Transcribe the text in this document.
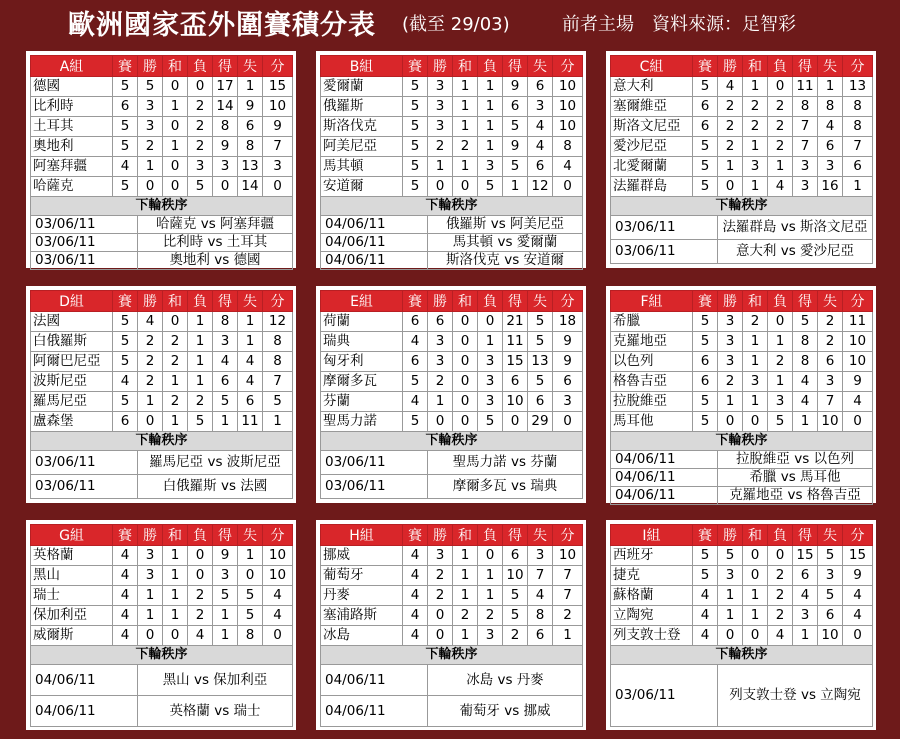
歐洲國家盃外圍賽積分表 (截至 29/03)	前者主場 資料來源：足智彩
A組	賽	勝	和	負	得	失	分
德國	5	5	0	0	17	1	15
比利時	6	3	1	2	14	9	10
土耳其	5	3	0	2	8	6	9
奧地利	5	2	1	2	9	8	7
阿塞拜疆	4	1	0	3	3	13	3
哈薩克	5	0	0	5	0	14	0
下輪秩序							
03/06/11		哈薩克 vs 阿塞拜疆					
03/06/11		比利時 vs 土耳其					
03/06/11		奧地利 vs 德國					
B組	賽	勝	和	負	得	失	分
愛爾蘭	5	3	1	1	9	6	10
俄羅斯	5	3	1	1	6	3	10
斯洛伐克	5	3	1	1	5	4	10
阿美尼亞	5	2	2	1	9	4	8
馬其頓	5	1	1	3	5	6	4
安道爾	5	0	0	5	1	12	0
下輪秩序							
04/06/11		俄羅斯 vs 阿美尼亞					
04/06/11		馬其頓 vs 愛爾蘭					
04/06/11		斯洛伐克 vs 安道爾					
C組	賽	勝	和	負	得	失	分
意大利	5	4	1	0	11	1	13
塞爾維亞	6	2	2	2	8	8	8
斯洛文尼亞	6	2	2	2	7	4	8
愛沙尼亞	5	2	1	2	7	6	7
北愛爾蘭	5	1	3	1	3	3	6
法羅群島	5	0	1	4	3	16	1
下輪秩序							
03/06/11		法羅群島 vs 斯洛文尼亞					
03/06/11		意大利 vs 愛沙尼亞					
D組	賽	勝	和	負	得	失	分
法國	5	4	0	1	8	1	12
白俄羅斯	5	2	2	1	3	1	8
阿爾巴尼亞	5	2	2	1	4	4	8
波斯尼亞	4	2	1	1	6	4	7
羅馬尼亞	5	1	2	2	5	6	5
盧森堡	6	0	1	5	1	11	1
下輪秩序							
03/06/11		羅馬尼亞 vs 波斯尼亞					
03/06/11		白俄羅斯 vs 法國					
E組	賽	勝	和	負	得	失	分
荷蘭	6	6	0	0	21	5	18
瑞典	4	3	0	1	11	5	9
匈牙利	6	3	0	3	15	13	9
摩爾多瓦	5	2	0	3	6	5	6
芬蘭	4	1	0	3	10	6	3
聖馬力諾	5	0	0	5	0	29	0
下輪秩序							
03/06/11		聖馬力諾 vs 芬蘭					
03/06/11		摩爾多瓦 vs 瑞典					
F組	賽	勝	和	負	得	失	分
希臘	5	3	2	0	5	2	11
克羅地亞	5	3	1	1	8	2	10
以色列	6	3	1	2	8	6	10
格魯吉亞	6	2	3	1	4	3	9
拉脫維亞	5	1	1	3	4	7	4
馬耳他	5	0	0	5	1	10	0
下輪秩序							
04/06/11		拉脫維亞 vs 以色列					
04/06/11		希臘 vs 馬耳他					
04/06/11		克羅地亞 vs 格魯吉亞					
G組	賽	勝	和	負	得	失	分
英格蘭	4	3	1	0	9	1	10
黑山	4	3	1	0	3	0	10
瑞士	4	1	1	2	5	5	4
保加利亞	4	1	1	2	1	5	4
威爾斯	4	0	0	4	1	8	0
下輪秩序							
04/06/11		黑山 vs 保加利亞					
04/06/11		英格蘭 vs 瑞士					
H組	賽	勝	和	負	得	失	分
挪威	4	3	1	0	6	3	10
葡萄牙	4	2	1	1	10	7	7
丹麥	4	2	1	1	5	4	7
塞浦路斯	4	0	2	2	5	8	2
冰島	4	0	1	3	2	6	1
下輪秩序							
04/06/11		冰島 vs 丹麥					
04/06/11		葡萄牙 vs 挪威					
I組	賽	勝	和	負	得	失	分
西班牙	5	5	0	0	15	5	15
捷克	5	3	0	2	6	3	9
蘇格蘭	4	1	1	2	4	5	4
立陶宛	4	1	1	2	3	6	4
列支敦士登	4	0	0	4	1	10	0
下輪秩序							
03/06/11		列支敦士登 vs 立陶宛					
